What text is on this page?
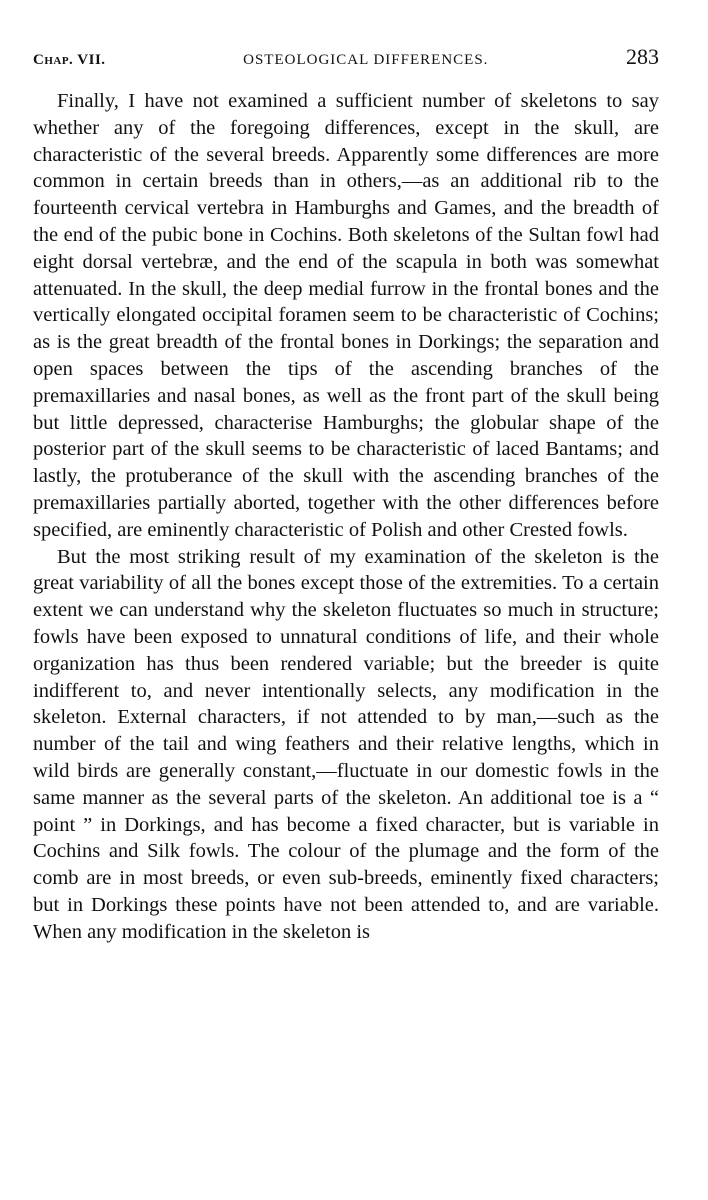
Chap. VII.	OSTEOLOGICAL DIFFERENCES.	283

Finally, I have not examined a sufficient number of skeletons to say whether any of the foregoing differences, except in the skull, are characteristic of the several breeds. Apparently some differences are more common in certain breeds than in others,—as an additional rib to the fourteenth cervical vertebra in Hamburghs and Games, and the breadth of the end of the pubic bone in Cochins. Both skeletons of the Sultan fowl had eight dorsal vertebræ, and the end of the scapula in both was somewhat attenuated. In the skull, the deep medial furrow in the frontal bones and the vertically elongated occipital foramen seem to be characteristic of Cochins; as is the great breadth of the frontal bones in Dorkings; the separation and open spaces between the tips of the ascending branches of the premaxillaries and nasal bones, as well as the front part of the skull being but little depressed, characterise Hamburghs; the globular shape of the posterior part of the skull seems to be characteristic of laced Bantams; and lastly, the protuberance of the skull with the ascending branches of the premaxillaries partially aborted, together with the other differences before specified, are eminently characteristic of Polish and other Crested fowls.

But the most striking result of my examination of the skeleton is the great variability of all the bones except those of the extremities. To a certain extent we can understand why the skeleton fluctuates so much in structure; fowls have been exposed to unnatural conditions of life, and their whole organization has thus been rendered variable; but the breeder is quite indifferent to, and never intentionally selects, any modification in the skeleton. External characters, if not attended to by man,—such as the number of the tail and wing feathers and their relative lengths, which in wild birds are generally constant,—fluctuate in our domestic fowls in the same manner as the several parts of the skeleton. An additional toe is a “ point ” in Dorkings, and has become a fixed character, but is variable in Cochins and Silk fowls. The colour of the plumage and the form of the comb are in most breeds, or even sub-breeds, eminently fixed characters; but in Dorkings these points have not been attended to, and are variable. When any modification in the skeleton is
